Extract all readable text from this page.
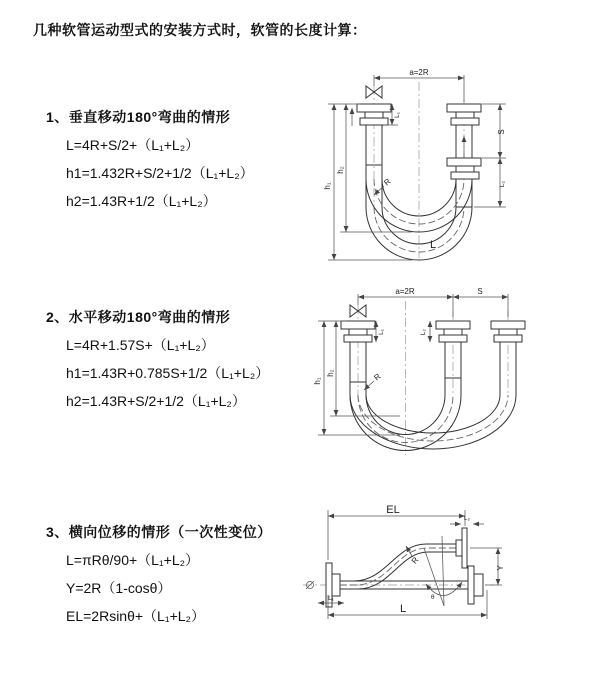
几种软管运动型式的安装方式时，软管的长度计算：
1、垂直移动180°弯曲的情形
L=4R+S/2+（L₁+L₂）
h1=1.432R+S/2+1/2（L₁+L₂）
h2=1.43R+1/2（L₁+L₂）
2、水平移动180°弯曲的情形
L=4R+1.57S+（L₁+L₂）
h1=1.43R+0.785S+1/2（L₁+L₂）
h2=1.43R+S/2+1/2（L₁+L₂）
3、横向位移的情形（一次性变位）
L=πRθ/90+（L₁+L₂）
Y=2R（1-cosθ）
EL=2Rsinθ+（L₁+L₂）
a=2R
h₁
h₂
L₁
S
L₂
R
L
a=2R	S
h₁
h₂
L₁	L₂
R
θ
EL
L₂
Y
L
L₁
R
